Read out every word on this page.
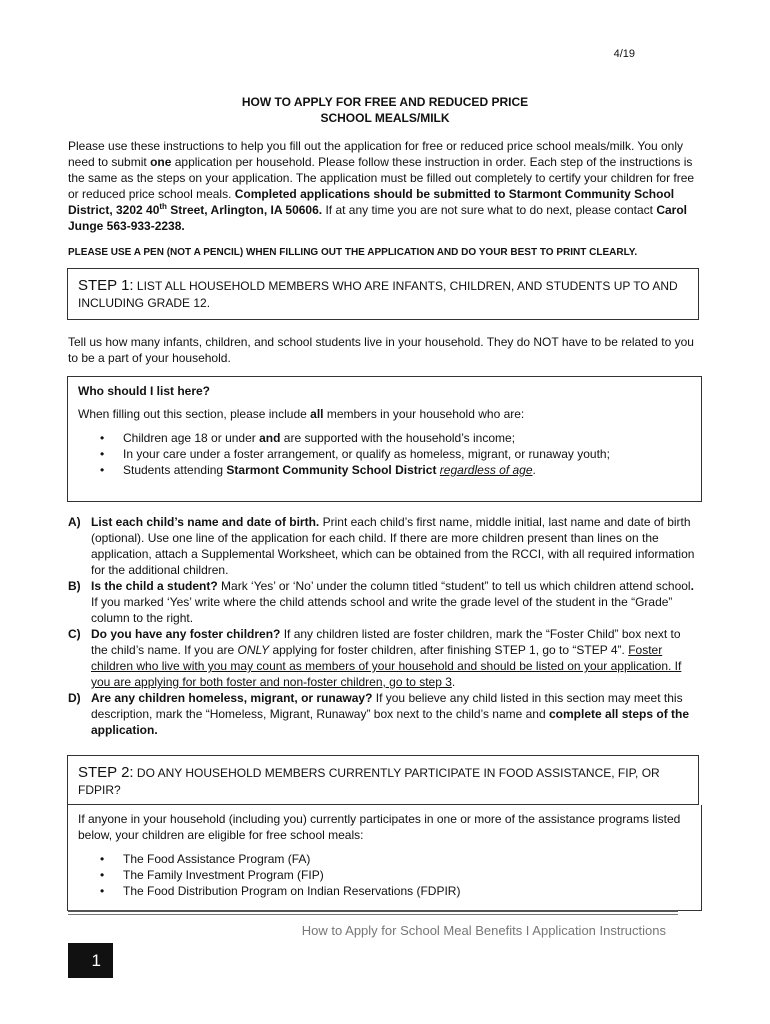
4/19
HOW TO APPLY FOR FREE AND REDUCED PRICE
SCHOOL MEALS/MILK
Please use these instructions to help you fill out the application for free or reduced price school meals/milk. You only need to submit one application per household. Please follow these instruction in order. Each step of the instructions is the same as the steps on your application. The application must be filled out completely to certify your children for free or reduced price school meals. Completed applications should be submitted to Starmont Community School District, 3202 40th Street, Arlington, IA 50606. If at any time you are not sure what to do next, please contact Carol Junge 563-933-2238.
PLEASE USE A PEN (NOT A PENCIL) WHEN FILLING OUT THE APPLICATION AND DO YOUR BEST TO PRINT CLEARLY.
STEP 1: LIST ALL HOUSEHOLD MEMBERS WHO ARE INFANTS, CHILDREN, AND STUDENTS UP TO AND INCLUDING GRADE 12.
Tell us how many infants, children, and school students live in your household. They do NOT have to be related to you to be a part of your household.
Who should I list here?
When filling out this section, please include all members in your household who are:
• Children age 18 or under and are supported with the household’s income;
• In your care under a foster arrangement, or qualify as homeless, migrant, or runaway youth;
• Students attending Starmont Community School District regardless of age.
A) List each child’s name and date of birth. Print each child’s first name, middle initial, last name and date of birth (optional). Use one line of the application for each child. If there are more children present than lines on the application, attach a Supplemental Worksheet, which can be obtained from the RCCI, with all required information for the additional children.
B) Is the child a student? Mark ‘Yes’ or ‘No’ under the column titled “student” to tell us which children attend school. If you marked ‘Yes’ write where the child attends school and write the grade level of the student in the “Grade” column to the right.
C) Do you have any foster children? If any children listed are foster children, mark the “Foster Child” box next to the child’s name. If you are ONLY applying for foster children, after finishing STEP 1, go to “STEP 4”. Foster children who live with you may count as members of your household and should be listed on your application. If you are applying for both foster and non-foster children, go to step 3.
D) Are any children homeless, migrant, or runaway? If you believe any child listed in this section may meet this description, mark the “Homeless, Migrant, Runaway” box next to the child’s name and complete all steps of the application.
STEP 2: DO ANY HOUSEHOLD MEMBERS CURRENTLY PARTICIPATE IN FOOD ASSISTANCE, FIP, OR FDPIR?
If anyone in your household (including you) currently participates in one or more of the assistance programs listed below, your children are eligible for free school meals:
• The Food Assistance Program (FA)
• The Family Investment Program (FIP)
• The Food Distribution Program on Indian Reservations (FDPIR)
How to Apply for School Meal Benefits I Application Instructions
1
